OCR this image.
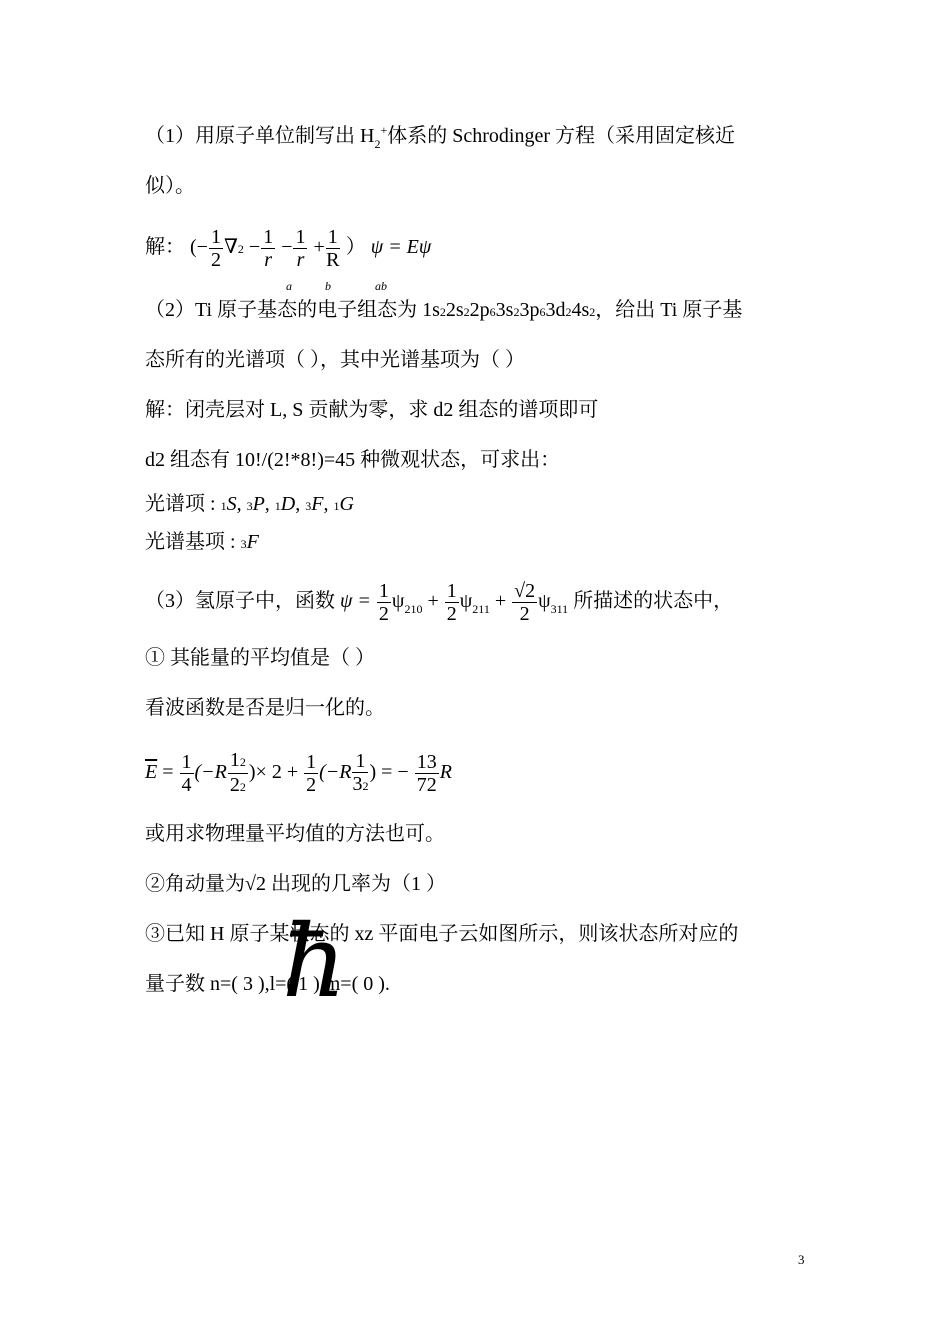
（1）用原子单位制写出 $H_2^+$体系的 Schrodinger 方程（采用固定核近
似）。
解： (− $\frac{1}{2} \nabla 2 - \frac{1}{r} - \frac{1}{r} + \frac{1}{R}$ ） ψ = Eψ
a	b	ab
（2）Ti 原子基态的电子组态为 1s22s22p63s23p63d24s2，给出 Ti 原子基
态所有的光谱项（ ），其中光谱基项为（ ）
解：闭壳层对 L, S 贡献为零，求 d2 组态的谱项即可
d2 组态有 10!/(2!*8!)=45 种微观状态，可求出：
光谱项 : 1S, 3P, 1D, 3F, 1G
光谱基项 : 3F
（3）氢原子中，函数 $\psi = \frac{1}{2} \psi_{210} + \frac{1}{2} \psi_{211} + \frac{√2}{2} \psi_{311}$ 所描述的状态中，
① 其能量的平均值是（ ）
看波函数是否是归一化的。
$\overline{E} = \frac{1}{4} (-R \frac{12}{22}$ )× $2 + \frac{1}{2} (-R \frac{1}{32}$ ) = − $\frac{13}{72}$ R
或用求物理量平均值的方法也可。
②角动量为√2 出现的几率为（1 ）
③已知 H 原子某状态的 xz 平面电子云如图所示，则该状态所对应的
量子数 n=( 3 ),l=( 1 ),m=( 0 ).
ħ
3
